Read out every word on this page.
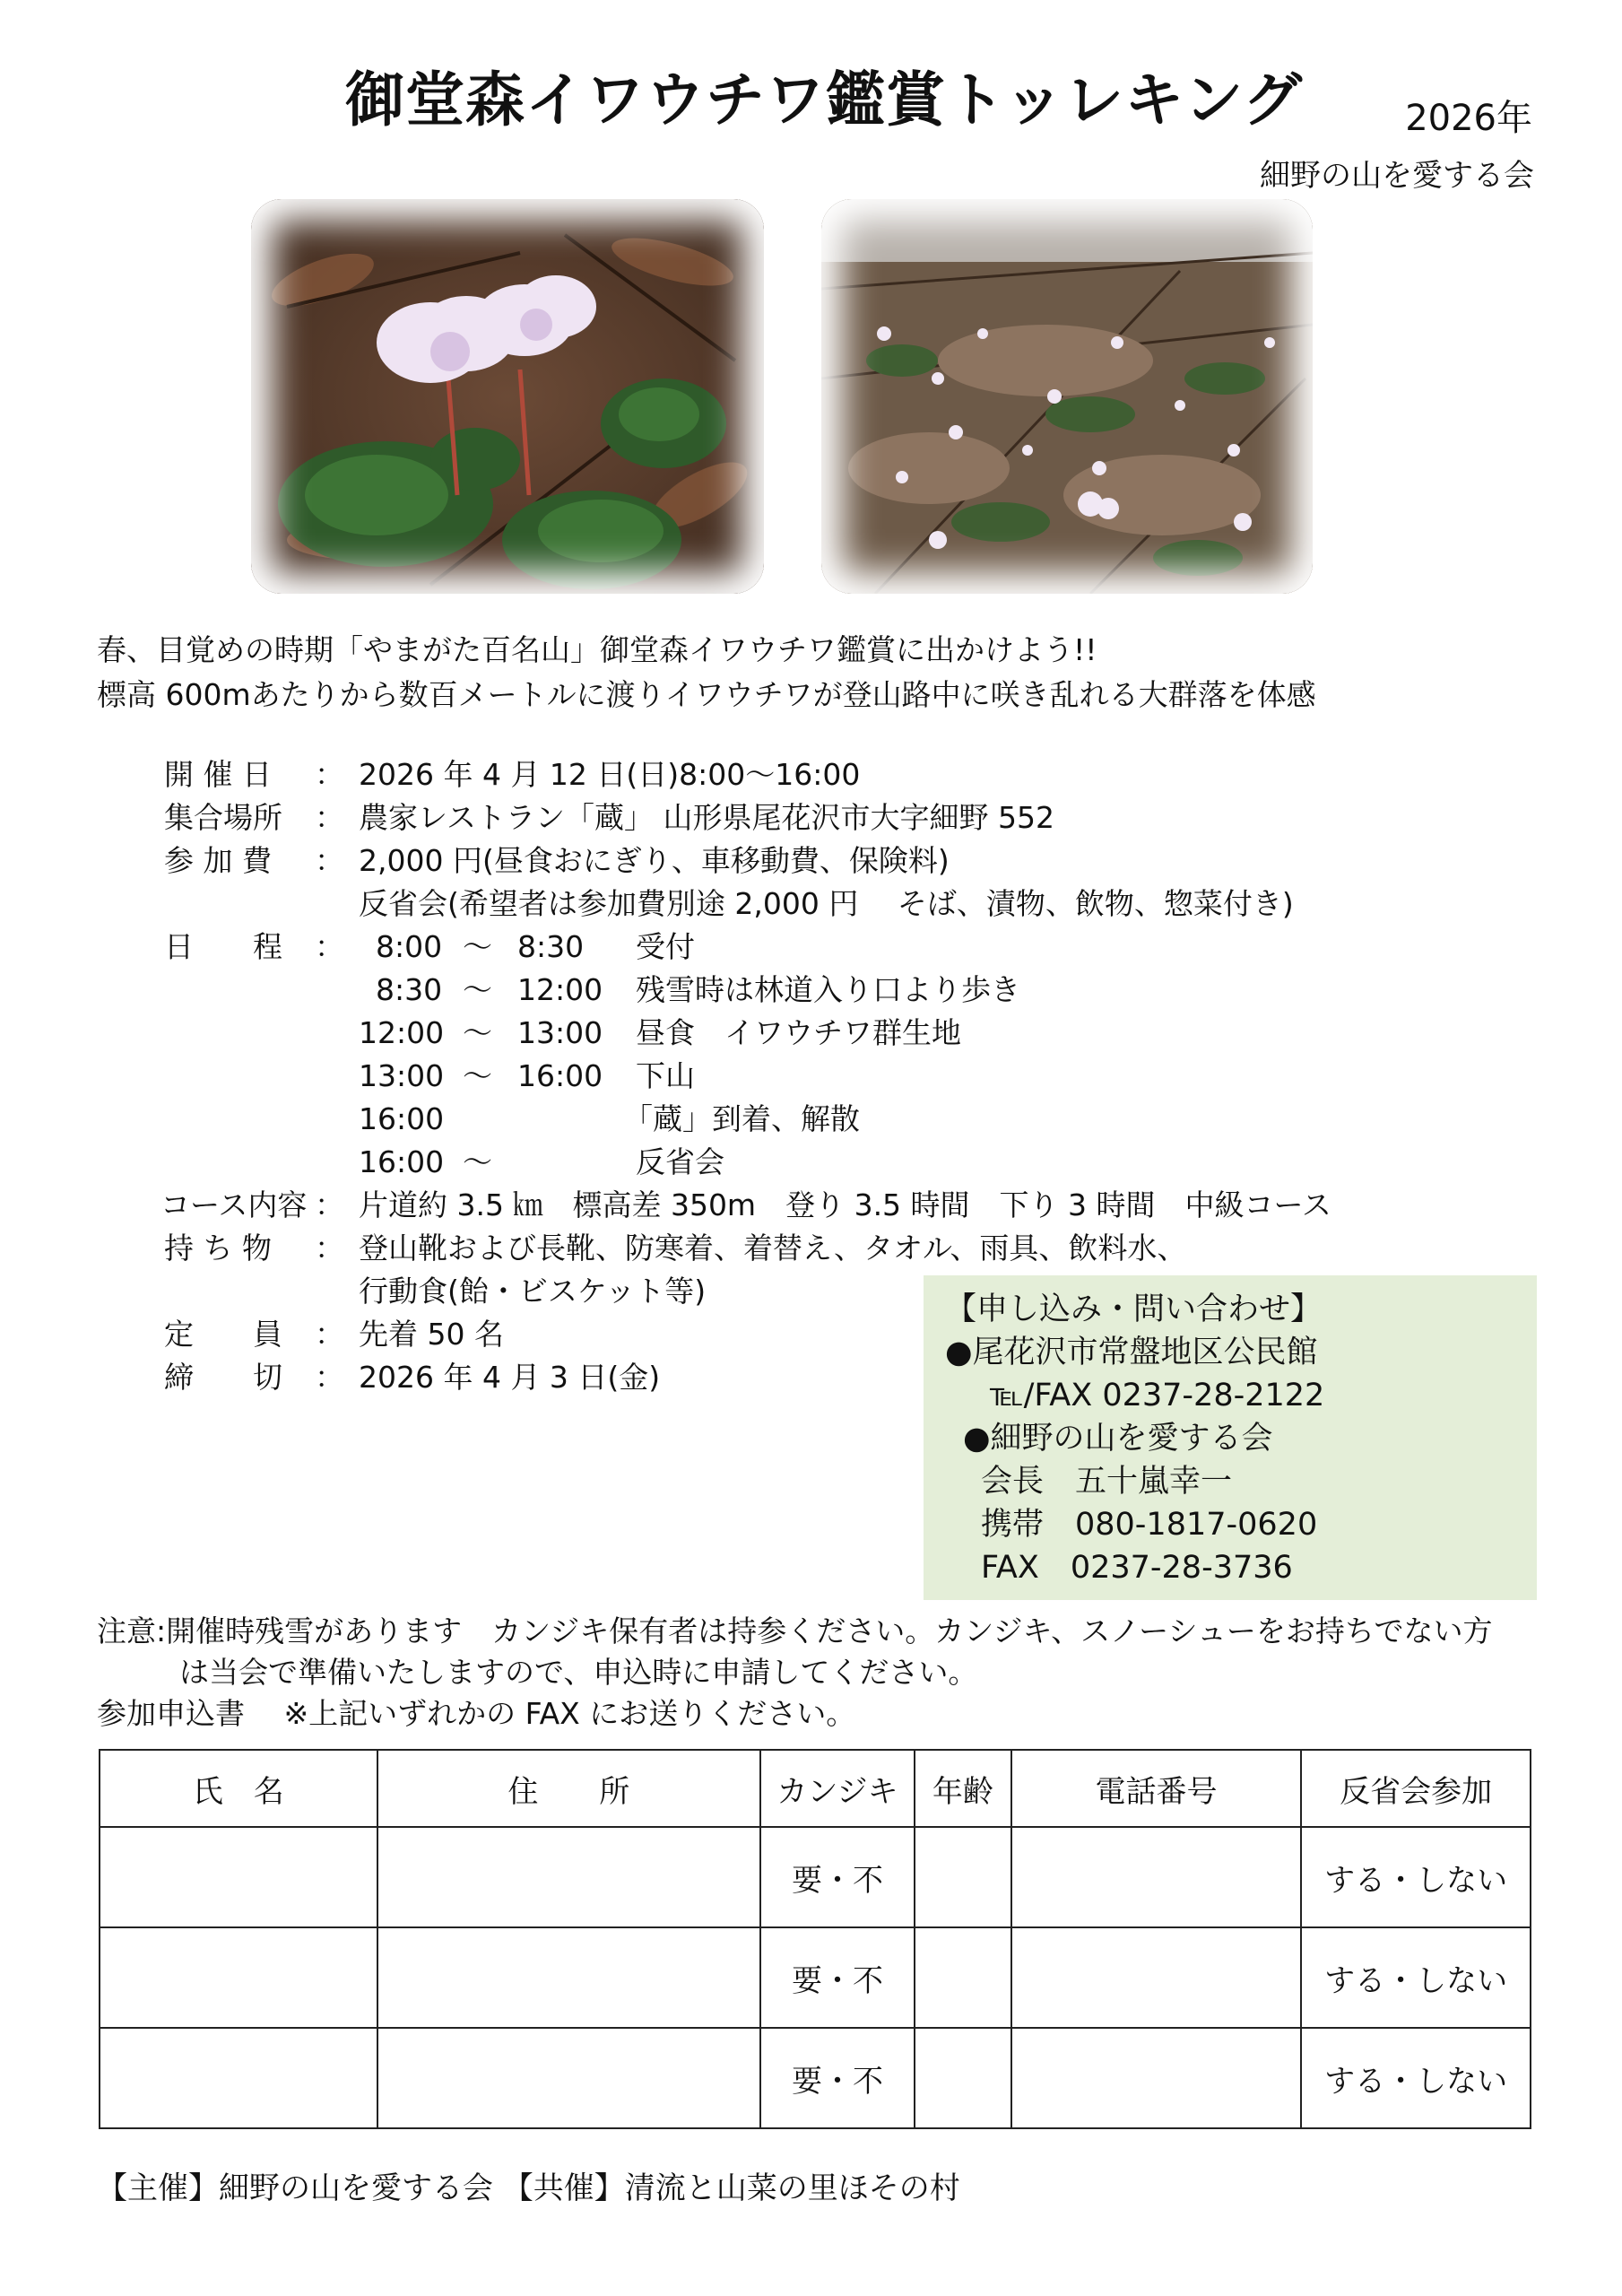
御堂森イワウチワ鑑賞トッレキング	2026年
細野の山を愛する会
春、目覚めの時期「やまがた百名山」御堂森イワウチワ鑑賞に出かけよう!!
標高 600mあたりから数百メートルに渡りイワウチワが登山路中に咲き乱れる大群落を体感
開 催 日 ： 2026 年 4 月 12 日(日)8:00～16:00
集合場所 ： 農家レストラン「蔵」 山形県尾花沢市大字細野 552
参 加 費 ： 2,000 円(昼食おにぎり、車移動費、保険料)
反省会(希望者は参加費別途 2,000 円　 そば、漬物、飲物、惣菜付き)
日　　程 ： 8:00 ～ 8:30 受付
8:30 ～ 12:00 残雪時は林道入り口より歩き
12:00 ～ 13:00 昼食　イワウチワ群生地
13:00 ～ 16:00 下山
16:00	「蔵」到着、解散
16:00 ～	反省会
コース内容 ： 片道約 3.5 ㎞　標高差 350m　登り 3.5 時間　下り 3 時間　中級コース
持 ち 物 ： 登山靴および長靴、防寒着、着替え、タオル、雨具、飲料水、
行動食(飴・ビスケット等)
定　　員 ： 先着 50 名
締　　切 ： 2026 年 4 月 3 日(金)
【申し込み・問い合わせ】
●尾花沢市常盤地区公民館
℡/FAX 0237-28-2122
●細野の山を愛する会
会長　五十嵐幸一
携帯　080-1817-0620
FAX　0237-28-3736
注意:開催時残雪があります　カンジキ保有者は持参ください。カンジキ、スノーシューをお持ちでない方
は当会で準備いたしますので、申込時に申請してください。
参加申込書　 ※上記いずれかの FAX にお送りください。
氏　名	住　　所	カンジキ	年齢	電話番号	反省会参加
		要・不			する・しない
		要・不			する・しない
		要・不			する・しない
【主催】細野の山を愛する会 【共催】清流と山菜の里ほその村
